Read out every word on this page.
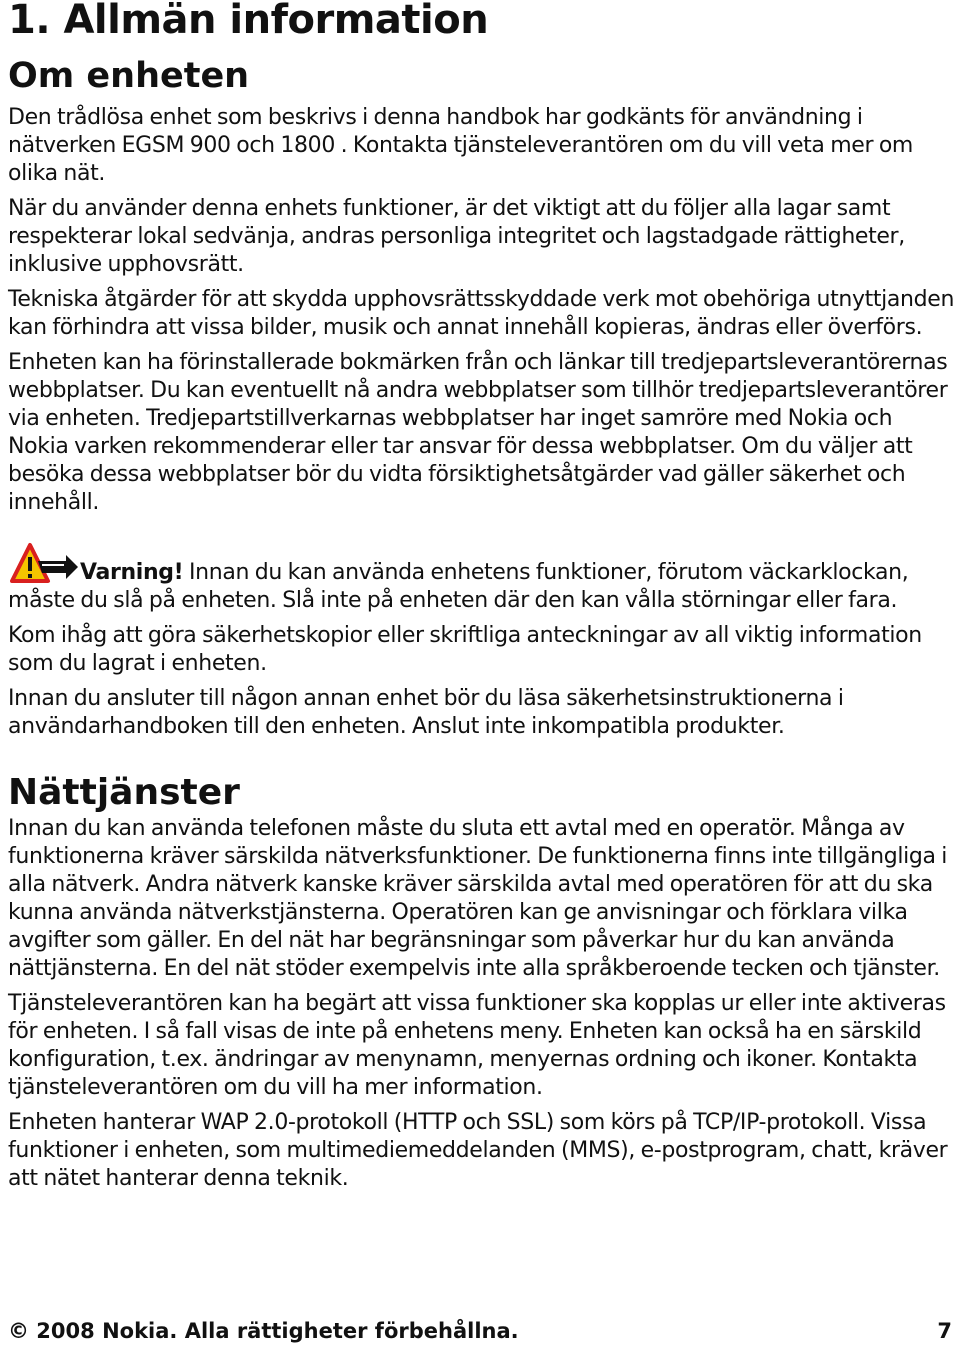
1. Allmän information
Om enheten

Den trådlösa enhet som beskrivs i denna handbok har godkänts för användning i nätverken EGSM 900 och 1800 . Kontakta tjänsteleverantören om du vill veta mer om olika nät.

När du använder denna enhets funktioner, är det viktigt att du följer alla lagar samt respekterar lokal sedvänja, andras personliga integritet och lagstadgade rättigheter, inklusive upphovsrätt.

Tekniska åtgärder för att skydda upphovsrättsskyddade verk mot obehöriga utnyttjanden kan förhindra att vissa bilder, musik och annat innehåll kopieras, ändras eller överförs.

Enheten kan ha förinstallerade bokmärken från och länkar till tredjepartsleverantörernas webbplatser. Du kan eventuellt nå andra webbplatser som tillhör tredjepartsleverantörer via enheten. Tredjepartstillverkarnas webbplatser har inget samröre med Nokia och Nokia varken rekommenderar eller tar ansvar för dessa webbplatser. Om du väljer att besöka dessa webbplatser bör du vidta försiktighetsåtgärder vad gäller säkerhet och innehåll.

Varning! Innan du kan använda enhetens funktioner, förutom väckarklockan, måste du slå på enheten. Slå inte på enheten där den kan vålla störningar eller fara.

Kom ihåg att göra säkerhetskopior eller skriftliga anteckningar av all viktig information som du lagrat i enheten.

Innan du ansluter till någon annan enhet bör du läsa säkerhetsinstruktionerna i användarhandboken till den enheten. Anslut inte inkompatibla produkter.

Nättjänster

Innan du kan använda telefonen måste du sluta ett avtal med en operatör. Många av funktionerna kräver särskilda nätverksfunktioner. De funktionerna finns inte tillgängliga i alla nätverk. Andra nätverk kanske kräver särskilda avtal med operatören för att du ska kunna använda nätverkstjänsterna. Operatören kan ge anvisningar och förklara vilka avgifter som gäller. En del nät har begränsningar som påverkar hur du kan använda nättjänsterna. En del nät stöder exempelvis inte alla språkberoende tecken och tjänster.

Tjänsteleverantören kan ha begärt att vissa funktioner ska kopplas ur eller inte aktiveras för enheten. I så fall visas de inte på enhetens meny. Enheten kan också ha en särskild konfiguration, t.ex. ändringar av menynamn, menyernas ordning och ikoner. Kontakta tjänsteleverantören om du vill ha mer information.

Enheten hanterar WAP 2.0-protokoll (HTTP och SSL) som körs på TCP/IP-protokoll. Vissa funktioner i enheten, som multimediemeddelanden (MMS), e-postprogram, chatt, kräver att nätet hanterar denna teknik.

© 2008 Nokia. Alla rättigheter förbehållna.	7
